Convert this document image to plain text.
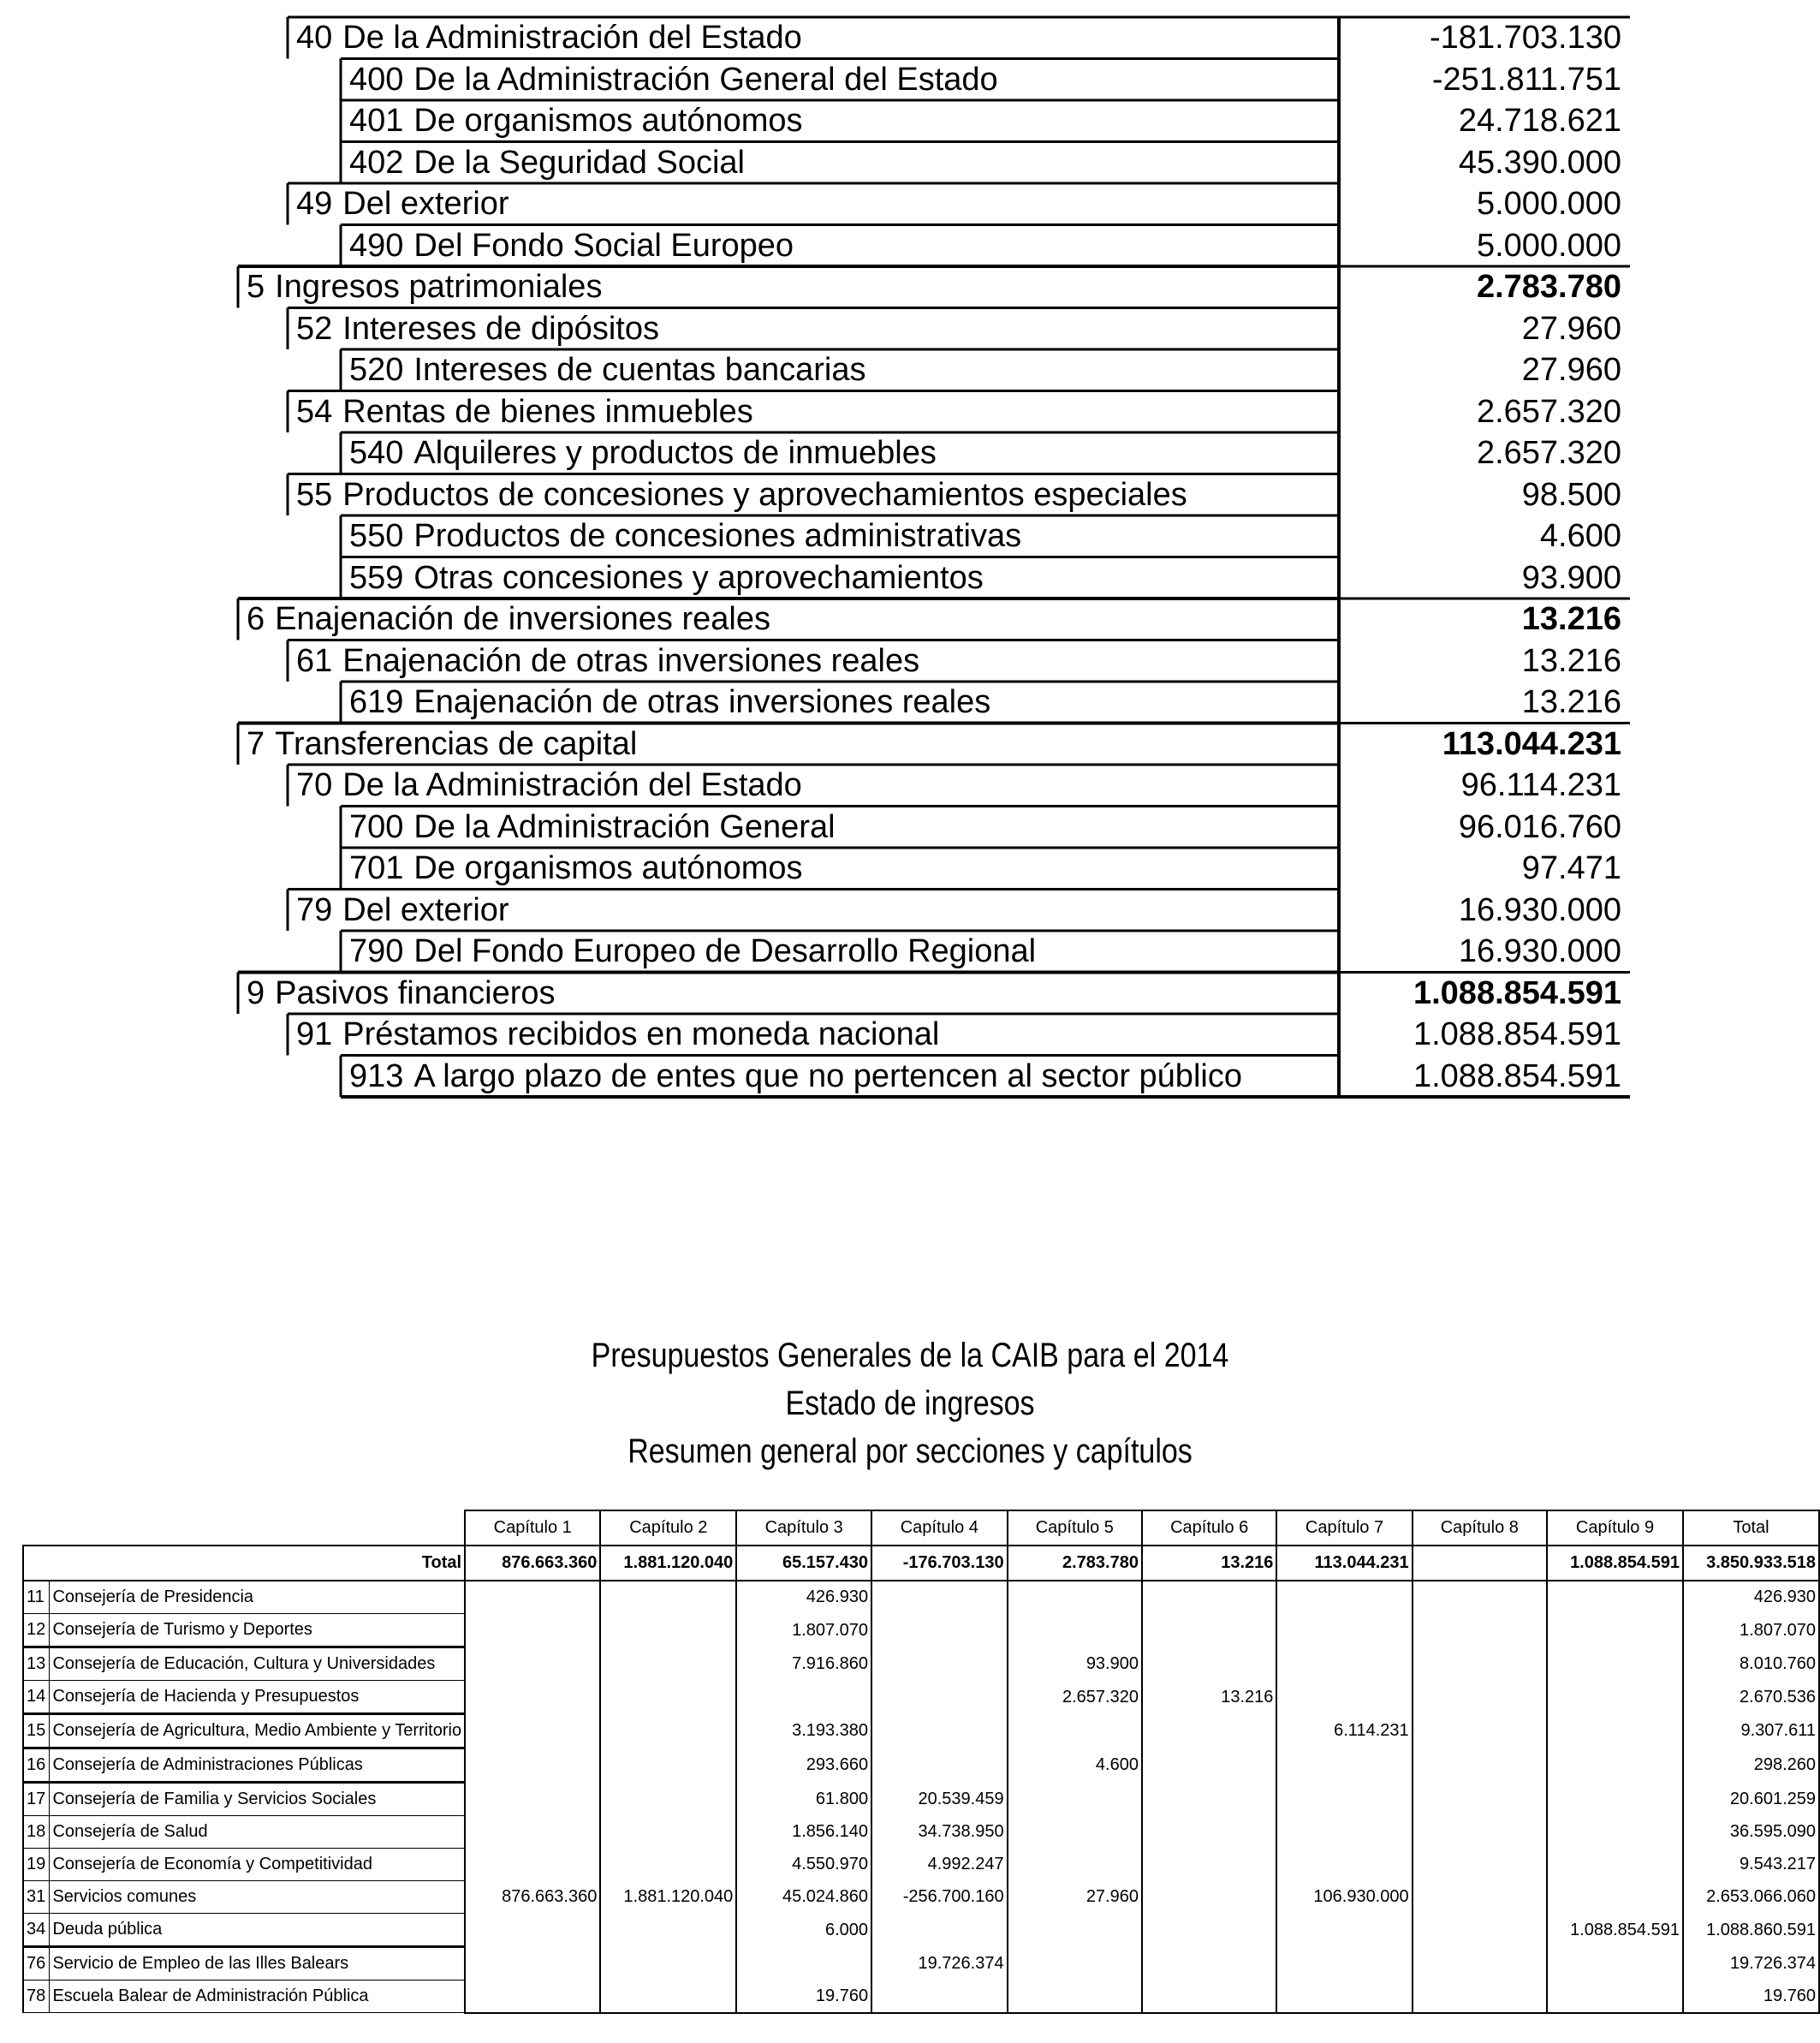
40 De la Administración del Estado	-181.703.130
400 De la Administración General del Estado	-251.811.751
401 De organismos autónomos	24.718.621
402 De la Seguridad Social	45.390.000
49 Del exterior	5.000.000
490 Del Fondo Social Europeo	5.000.000
5 Ingresos patrimoniales	2.783.780
52 Intereses de dipósitos	27.960
520 Intereses de cuentas bancarias	27.960
54 Rentas de bienes inmuebles	2.657.320
540 Alquileres y productos de inmuebles	2.657.320
55 Productos de concesiones y aprovechamientos especiales	98.500
550 Productos de concesiones administrativas	4.600
559 Otras concesiones y aprovechamientos	93.900
6 Enajenación de inversiones reales	13.216
61 Enajenación de otras inversiones reales	13.216
619 Enajenación de otras inversiones reales	13.216
7 Transferencias de capital	113.044.231
70 De la Administración del Estado	96.114.231
700 De la Administración General	96.016.760
701 De organismos autónomos	97.471
79 Del exterior	16.930.000
790 Del Fondo Europeo de Desarrollo Regional	16.930.000
9 Pasivos financieros	1.088.854.591
91 Préstamos recibidos en moneda nacional	1.088.854.591
913 A largo plazo de entes que no pertencen al sector público	1.088.854.591
Presupuestos Generales de la CAIB para el 2014
Estado de ingresos
Resumen general por secciones y capítulos
		Capítulo 1	Capítulo 2	Capítulo 3	Capítulo 4	Capítulo 5	Capítulo 6	Capítulo 7	Capítulo 8	Capítulo 9	Total
Total		876.663.360	1.881.120.040	65.157.430	-176.703.130	2.783.780	13.216	113.044.231		1.088.854.591	3.850.933.518
11	Consejería de Presidencia			426.930							426.930
12	Consejería de Turismo y Deportes			1.807.070							1.807.070
13	Consejería de Educación, Cultura y Universidades			7.916.860		93.900					8.010.760
14	Consejería de Hacienda y Presupuestos					2.657.320	13.216				2.670.536
15	Consejería de Agricultura, Medio Ambiente y Territorio			3.193.380				6.114.231			9.307.611
16	Consejería de Administraciones Públicas			293.660		4.600					298.260
17	Consejería de Familia y Servicios Sociales			61.800	20.539.459						20.601.259
18	Consejería de Salud			1.856.140	34.738.950						36.595.090
19	Consejería de Economía y Competitividad			4.550.970	4.992.247						9.543.217
31	Servicios comunes	876.663.360	1.881.120.040	45.024.860	-256.700.160	27.960		106.930.000			2.653.066.060
34	Deuda pública			6.000						1.088.854.591	1.088.860.591
76	Servicio de Empleo de las Illes Balears				19.726.374						19.726.374
78	Escuela Balear de Administración Pública			19.760							19.760
